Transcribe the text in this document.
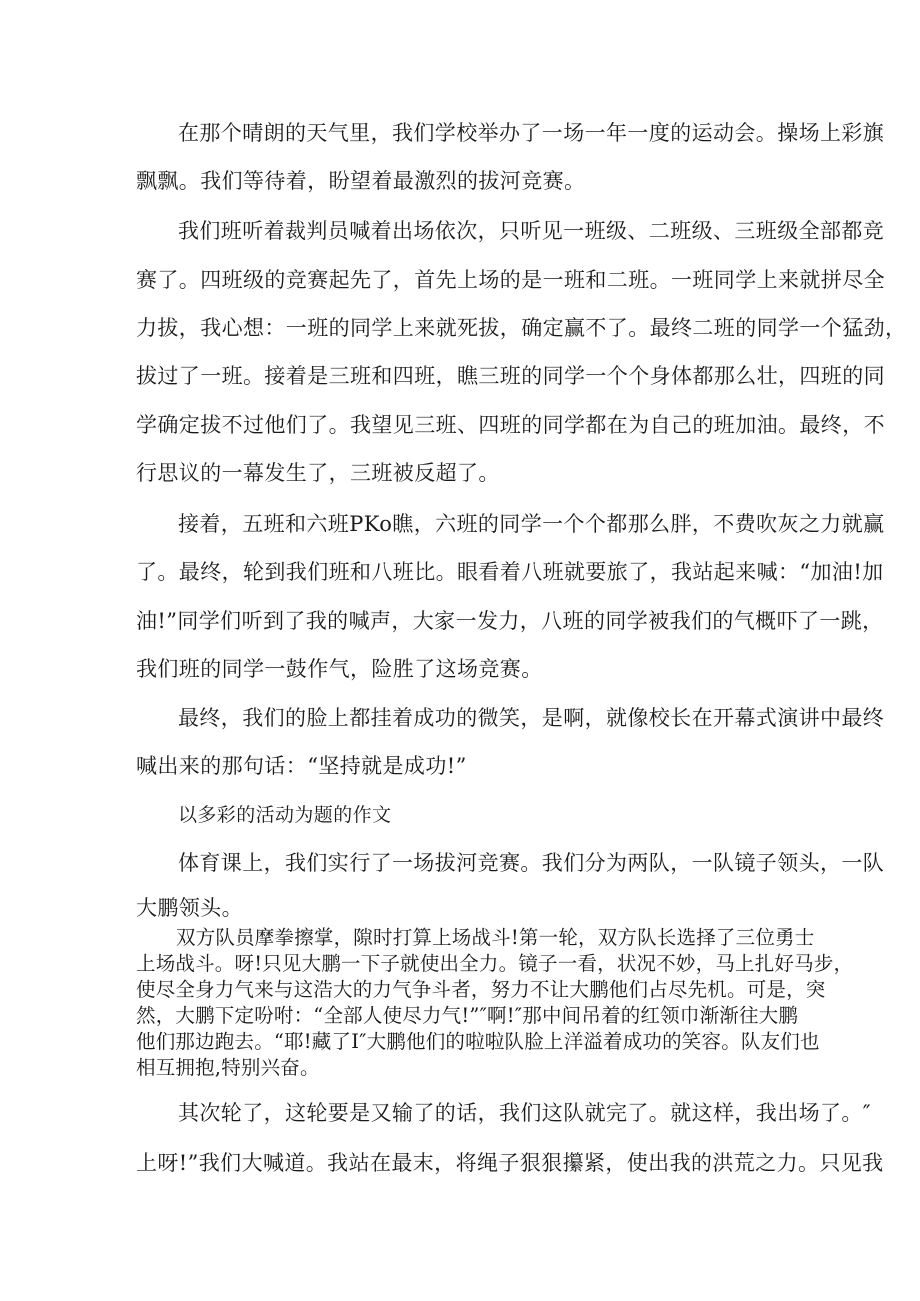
在那个晴朗的天气里，我们学校举办了一场一年一度的运动会。操场上彩旗
飘飘。我们等待着，盼望着最激烈的拔河竞赛。
我们班听着裁判员喊着出场依次，只听见一班级、二班级、三班级全部都竞
赛了。四班级的竞赛起先了，首先上场的是一班和二班。一班同学上来就拼尽全
力拔，我心想：一班的同学上来就死拔，确定赢不了。最终二班的同学一个猛劲，
拔过了一班。接着是三班和四班，瞧三班的同学一个个身体都那么壮，四班的同
学确定拔不过他们了。我望见三班、四班的同学都在为自己的班加油。最终，不
行思议的一幕发生了，三班被反超了。
接着，五班和六班PKo瞧，六班的同学一个个都那么胖，不费吹灰之力就赢
了。最终，轮到我们班和八班比。眼看着八班就要旅了，我站起来喊：“加油!加
油!”同学们听到了我的喊声，大家一发力，八班的同学被我们的气概吓了一跳，
我们班的同学一鼓作气，险胜了这场竞赛。
最终，我们的脸上都挂着成功的微笑，是啊，就像校长在开幕式演讲中最终
喊出来的那句话：“坚持就是成功!”
以多彩的活动为题的作文
体育课上，我们实行了一场拔河竞赛。我们分为两队，一队镜子领头，一队
大鹏领头。
双方队员摩拳擦掌，隙时打算上场战斗!第一轮，双方队长选择了三位勇士
上场战斗。呀!只见大鹏一下子就使出全力。镜子一看，状况不妙，马上扎好马步，
使尽全身力气来与这浩大的力气争斗者，努力不让大鹏他们占尽先机。可是，突
然，大鹏下定吩咐：“全部人使尽力气!”″啊!″那中间吊着的红领巾渐渐往大鹏
他们那边跑去。“耶!藏了I″大鹏他们的啦啦队脸上洋溢着成功的笑容。队友们也
相互拥抱,特别兴奋。
其次轮了，这轮要是又输了的话，我们这队就完了。就这样，我出场了。″
上呀!”我们大喊道。我站在最末，将绳子狠狠攥紧，使出我的洪荒之力。只见我
